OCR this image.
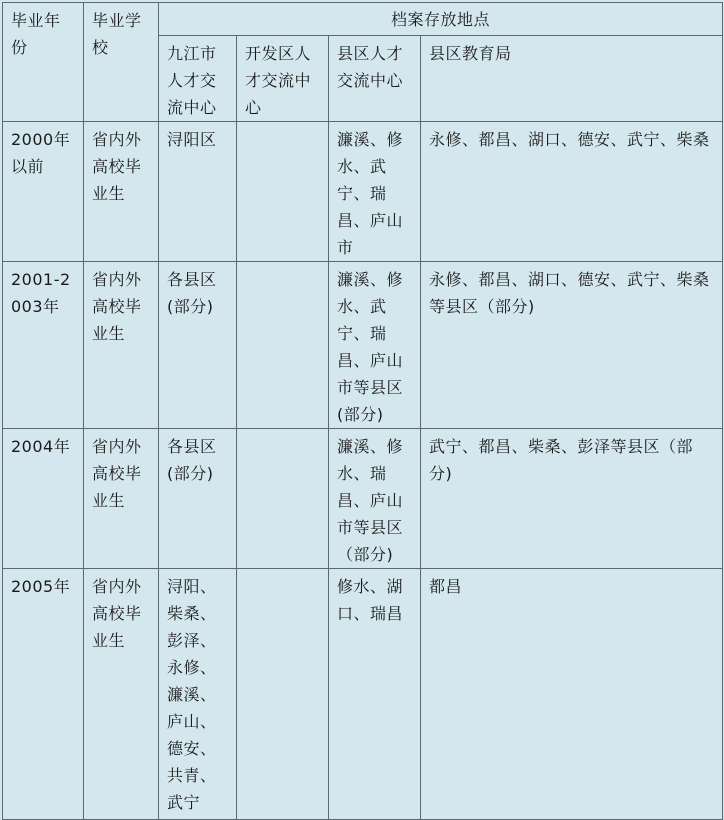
毕业年份	毕业学校	档案存放地点			

		九江市人才交流中心	开发区人才交流中心	县区人才交流中心	县区教育局

2000年以前	省内外高校毕业生	浔阳区		濂溪、修水、武宁、瑞昌、庐山市	永修、都昌、湖口、德安、武宁、柴桑
2001-2003年	省内外高校毕业生	各县区(部分)		濂溪、修水、武宁、瑞昌、庐山市等县区(部分)	永修、都昌、湖口、德安、武宁、柴桑等县区（部分)
2004年	省内外高校毕业生	各县区(部分)		濂溪、修水、瑞昌、庐山市等县区（部分)	武宁、都昌、柴桑、彭泽等县区（部分)
2005年	省内外高校毕业生	浔阳、柴桑、彭泽、永修、濂溪、庐山、德安、共青、武宁		修水、湖口、瑞昌	都昌
